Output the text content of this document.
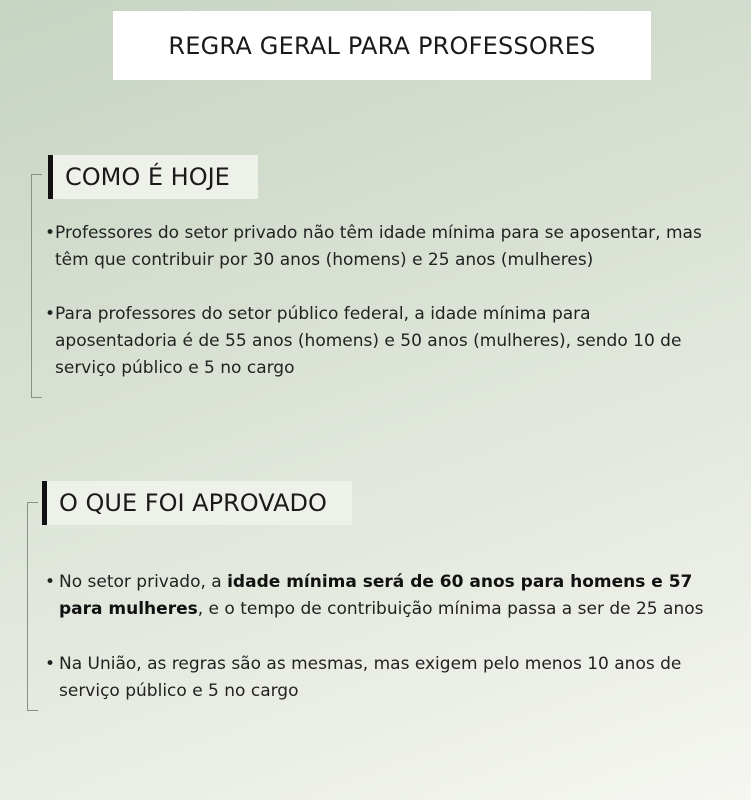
REGRA GERAL PARA PROFESSORES
COMO É HOJE
• Professores do setor privado não têm idade mínima para se aposentar, mas têm que contribuir por 30 anos (homens) e 25 anos (mulheres)
• Para professores do setor público federal, a idade mínima para aposentadoria é de 55 anos (homens) e 50 anos (mulheres), sendo 10 de serviço público e 5 no cargo
O QUE FOI APROVADO
• No setor privado, a idade mínima será de 60 anos para homens e 57 para mulheres, e o tempo de contribuição mínima passa a ser de 25 anos
• Na União, as regras são as mesmas, mas exigem pelo menos 10 anos de serviço público e 5 no cargo
